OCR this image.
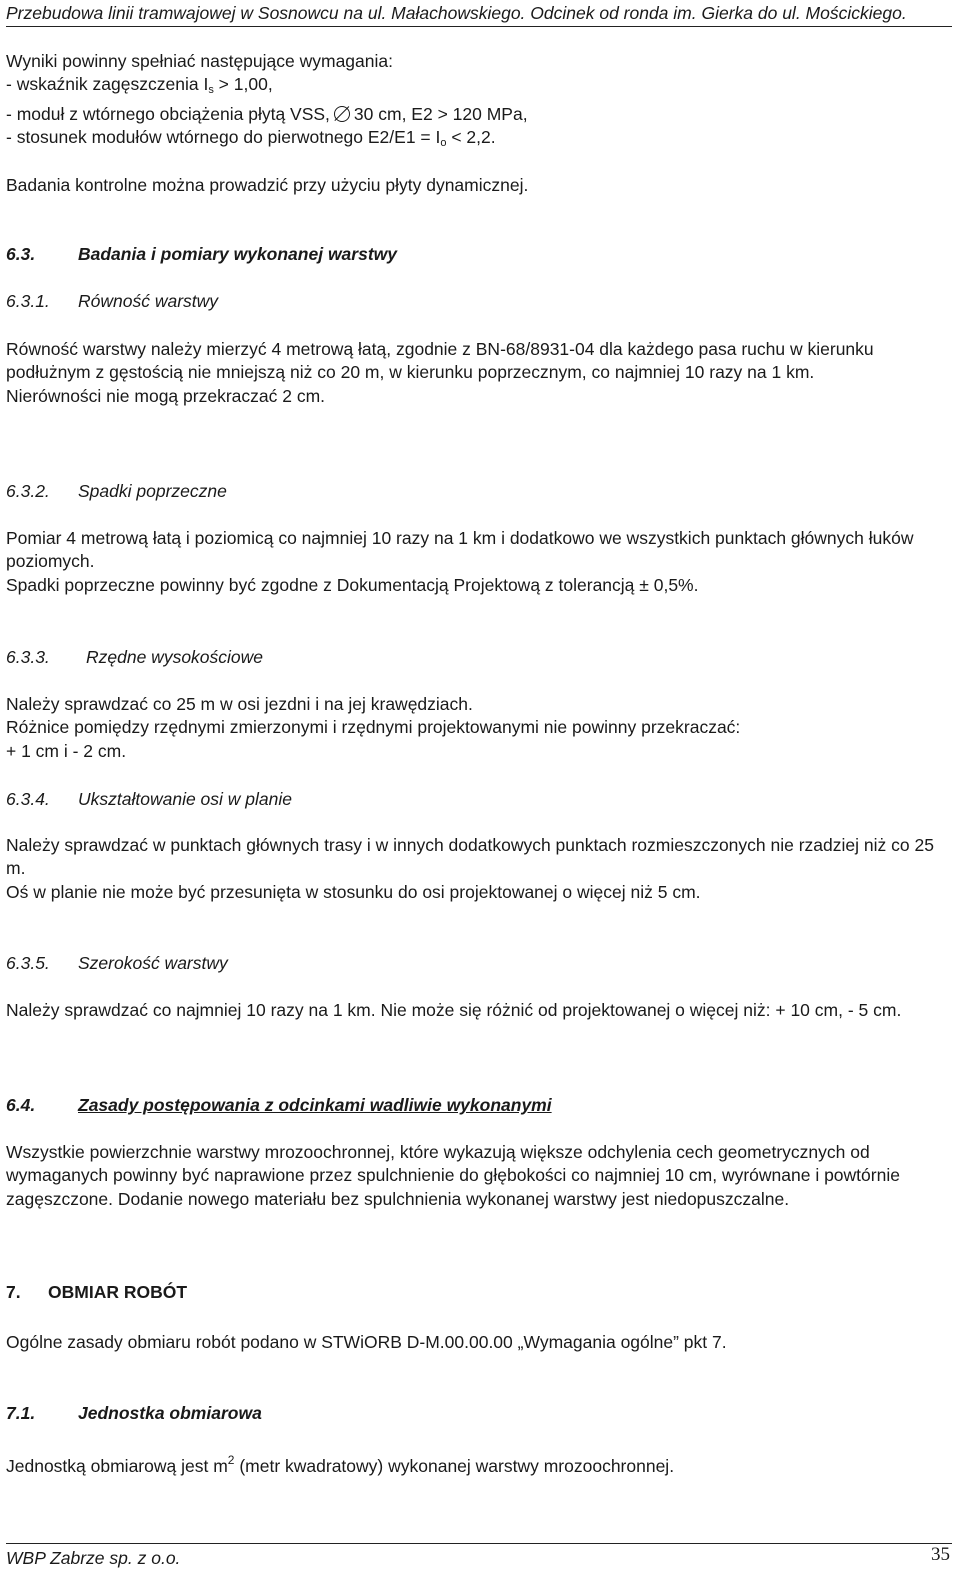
Przebudowa linii tramwajowej w Sosnowcu na ul. Małachowskiego. Odcinek od ronda im. Gierka do ul. Mościckiego.

Wyniki powinny spełniać następujące wymagania:

- wskaźnik zagęszczenia $I_s > 1,00$,

- moduł z wtórnego obciążenia płytą VSS, 30 cm, E2 > 120 MPa,

- stosunek modułów wtórnego do pierwotnego $E2/E1 = I_o < 2,2$.

Badania kontrolne można prowadzić przy użyciu płyty dynamicznej.
6.3. Badania i pomiary wykonanej warstwy
6.3.1. Równość warstwy

Równość warstwy należy mierzyć 4 metrową łatą, zgodnie z BN-68/8931-04 dla każdego pasa ruchu w kierunku podłużnym z gęstością nie mniejszą niż co 20 m, w kierunku poprzecznym, co najmniej 10 razy na 1 km.

Nierówności nie mogą przekraczać 2 cm.

6.3.2. Spadki poprzeczne

Pomiar 4 metrową łatą i poziomicą co najmniej 10 razy na 1 km i dodatkowo we wszystkich punktach głównych łuków poziomych.

Spadki poprzeczne powinny być zgodne z Dokumentacją Projektową z tolerancją ± 0,5%.

6.3.3. Rzędne wysokościowe

Należy sprawdzać co 25 m w osi jezdni i na jej krawędziach.

Różnice pomiędzy rzędnymi zmierzonymi i rzędnymi projektowanymi nie powinny przekraczać:

+ 1 cm i - 2 cm.

6.3.4. Ukształtowanie osi w planie

Należy sprawdzać w punktach głównych trasy i w innych dodatkowych punktach rozmieszczonych nie rzadziej niż co 25 m.

Oś w planie nie może być przesunięta w stosunku do osi projektowanej o więcej niż 5 cm.

6.3.5. Szerokość warstwy

Należy sprawdzać co najmniej 10 razy na 1 km. Nie może się różnić od projektowanej o więcej niż: + 10 cm, - 5 cm.

6.4. Zasady postępowania z odcinkami wadliwie wykonanymi

Wszystkie powierzchnie warstwy mrozoochronnej, które wykazują większe odchylenia cech geometrycznych od wymaganych powinny być naprawione przez spulchnienie do głębokości co najmniej 10 cm, wyrównane i powtórnie zagęszczone. Dodanie nowego materiału bez spulchnienia wykonanej warstwy jest niedopuszczalne.

7. OBMIAR ROBÓT

Ogólne zasady obmiaru robót podano w STWiORB D-M.00.00.00 „Wymagania ogólne” pkt 7.

7.1. Jednostka obmiarowa

Jednostką obmiarową jest $m^2$ (metr kwadratowy) wykonanej warstwy mrozoochronnej.

WBP Zabrze sp. z o.o.	35
